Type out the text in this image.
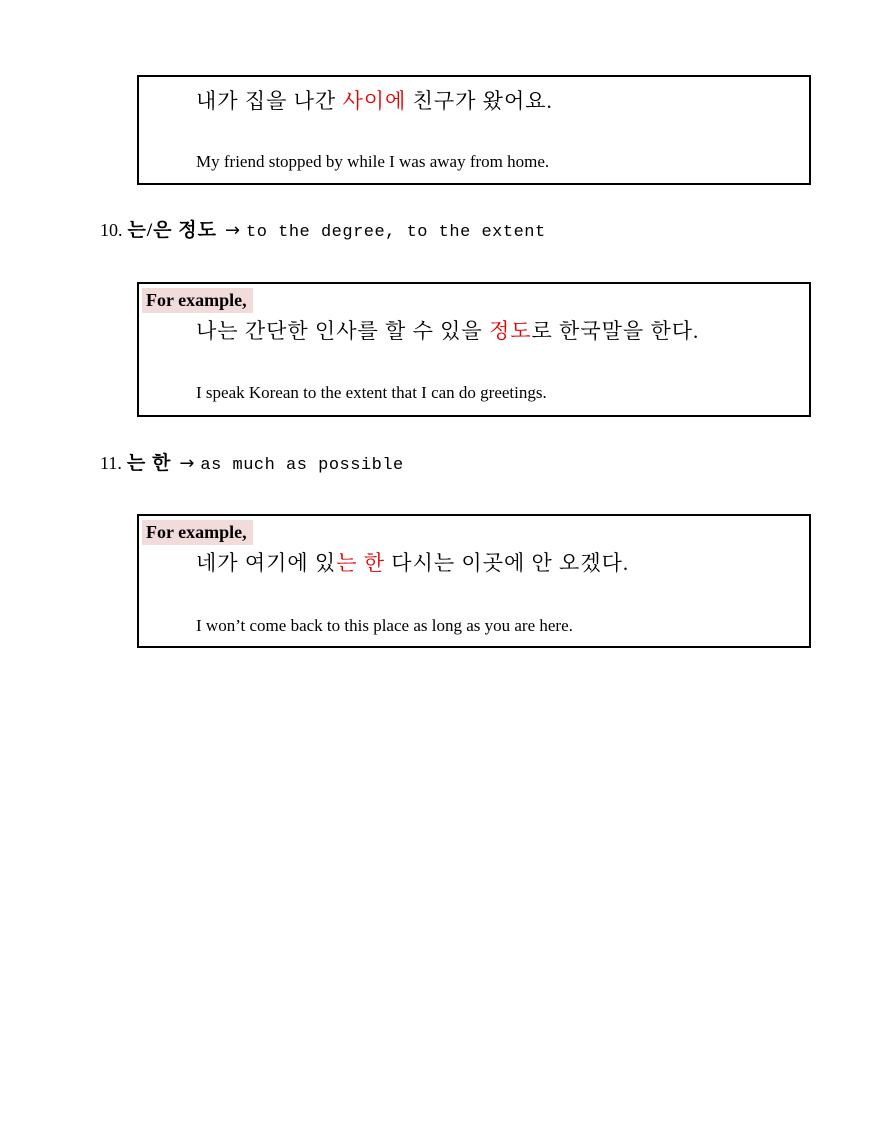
내가 집을 나간 사이에 친구가 왔어요.
My friend stopped by while I was away from home.
10. 는/은 정도 → to the degree, to the extent
For example,
나는 간단한 인사를 할 수 있을 정도로 한국말을 한다.
I speak Korean to the extent that I can do greetings.
11. 는 한 → as much as possible
For example,
네가 여기에 있는 한 다시는 이곳에 안 오겠다.
I won’t come back to this place as long as you are here.
